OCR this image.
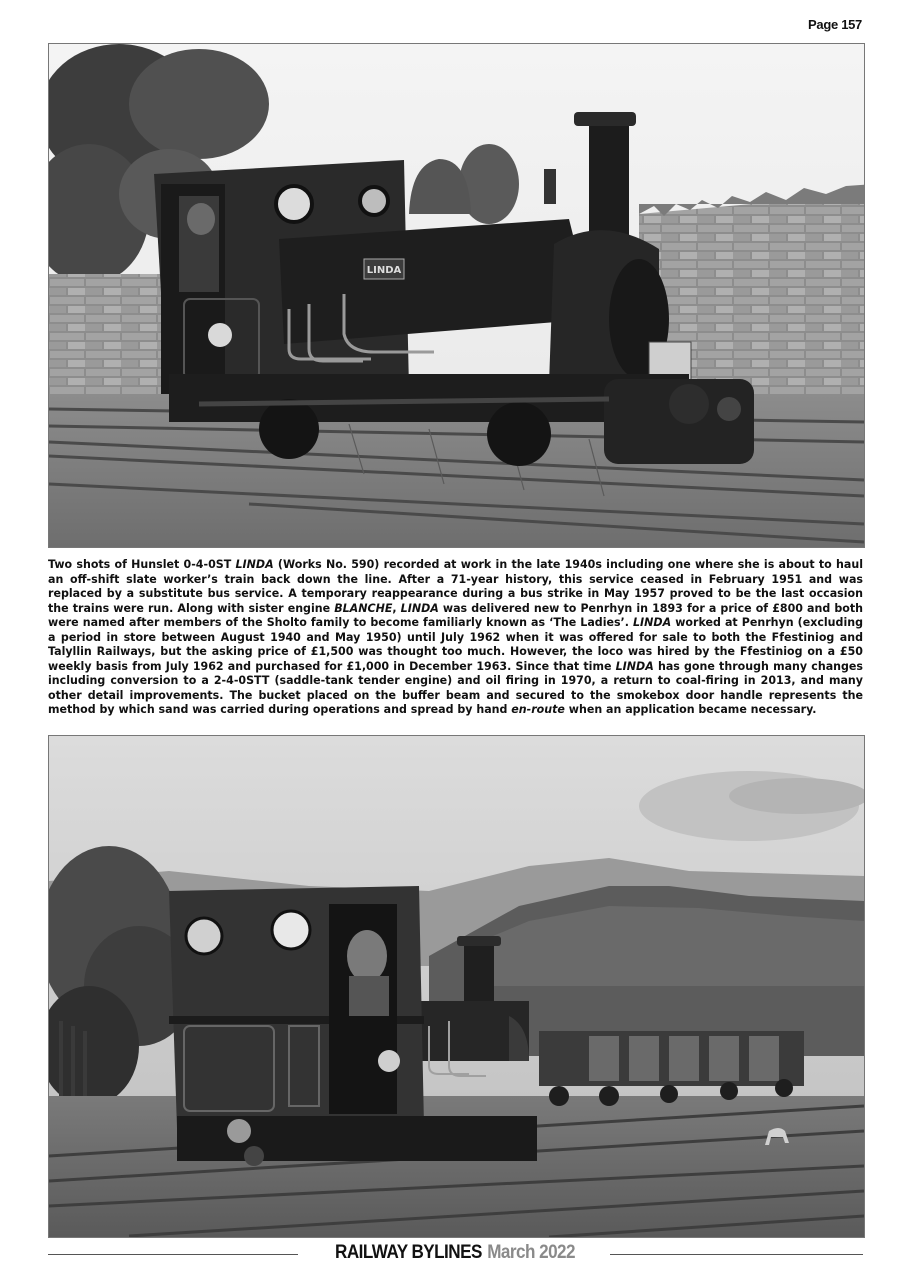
Page 157
LINDA

Two shots of Hunslet 0-4-0ST LINDA (Works No. 590) recorded at work in the late 1940s including one where she is about to haul an off-shift slate worker’s train back down the line. After a 71-year history, this service ceased in February 1951 and was replaced by a substitute bus service. A temporary reappearance during a bus strike in May 1957 proved to be the last occasion the trains were run. Along with sister engine BLANCHE, LINDA was delivered new to Penrhyn in 1893 for a price of £800 and both were named after members of the Sholto family to become familiarly known as ‘The Ladies’. LINDA worked at Penrhyn (excluding a period in store between August 1940 and May 1950) until July 1962 when it was offered for sale to both the Ffestiniog and Talyllin Railways, but the asking price of £1,500 was thought too much. However, the loco was hired by the Ffestiniog on a £50 weekly basis from July 1962 and purchased for £1,000 in December 1963. Since that time LINDA has gone through many changes including conversion to a 2-4-0STT (saddle-tank tender engine) and oil firing in 1970, a return to coal-firing in 2013, and many other detail improvements. The bucket placed on the buffer beam and secured to the smokebox door handle represents the method by which sand was carried during operations and spread by hand en-route when an application became necessary.

RAILWAY BYLINES March 2022
